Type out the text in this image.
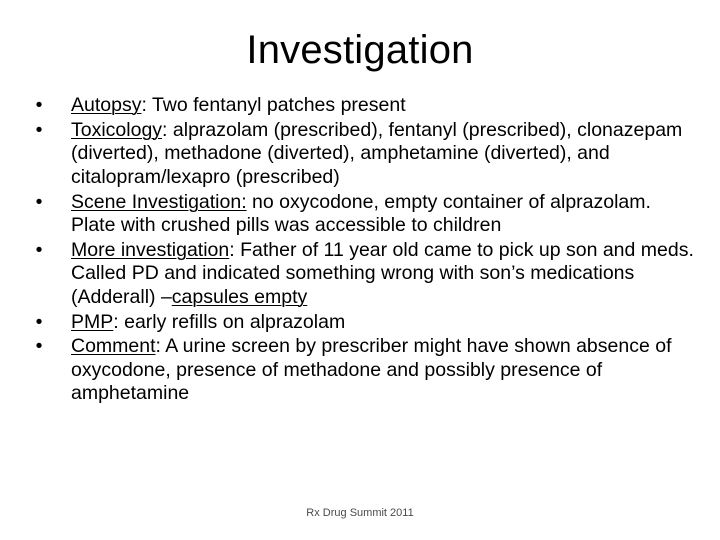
Investigation
• Autopsy: Two fentanyl patches present
• Toxicology: alprazolam (prescribed), fentanyl (prescribed), clonazepam (diverted), methadone (diverted), amphetamine (diverted), and citalopram/lexapro (prescribed)
• Scene Investigation: no oxycodone, empty container of alprazolam. Plate with crushed pills was accessible to children
• More investigation: Father of 11 year old came to pick up son and meds. Called PD and indicated something wrong with son’s medications (Adderall) –capsules empty
• PMP: early refills on alprazolam
• Comment: A urine screen by prescriber might have shown absence of oxycodone, presence of methadone and possibly presence of amphetamine
Rx Drug Summit 2011
